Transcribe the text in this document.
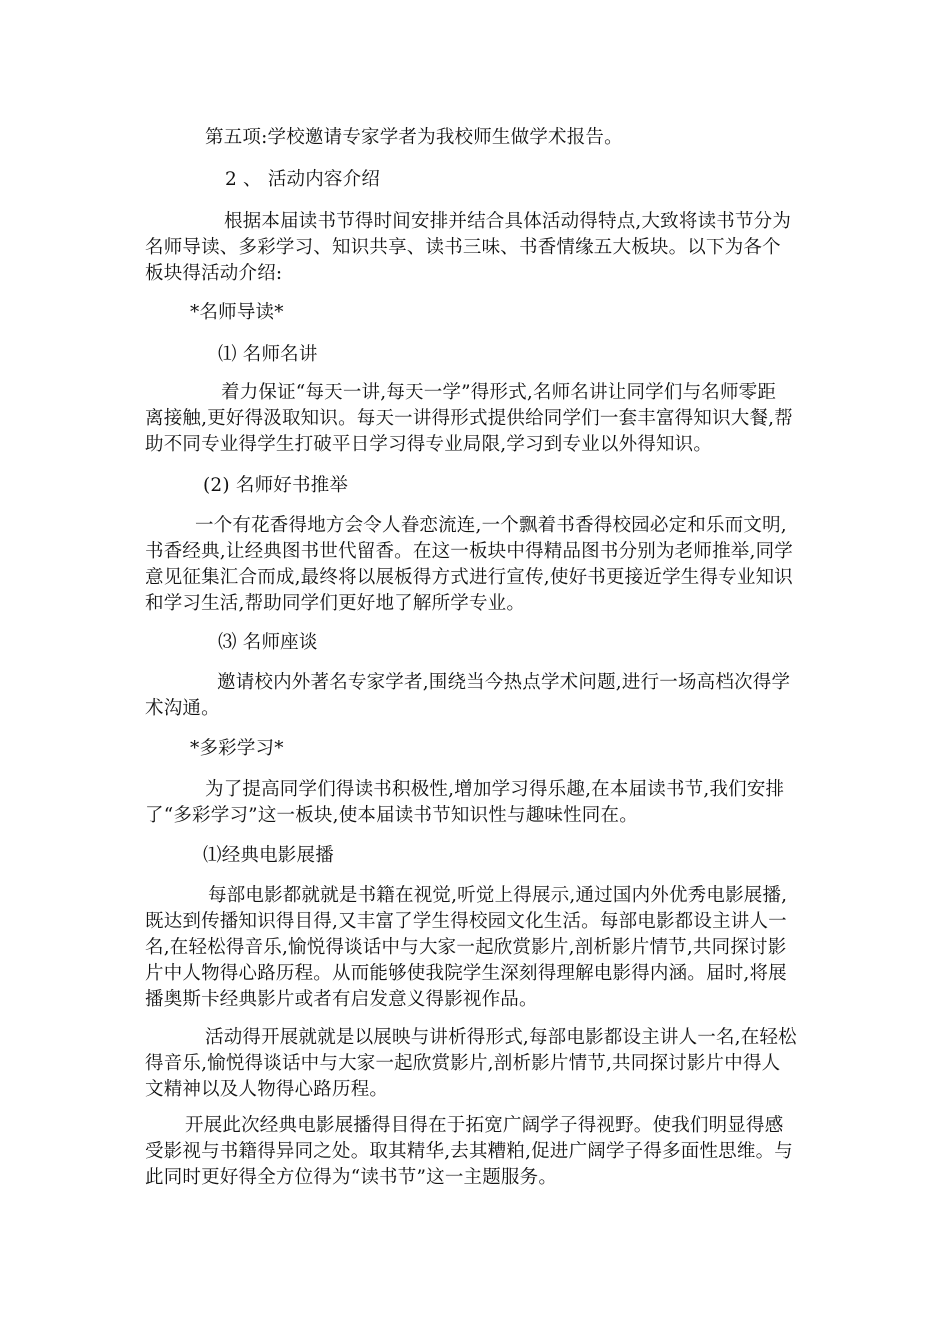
第五项:学校邀请专家学者为我校师生做学术报告。
2 、 活动内容介绍
根据本届读书节得时间安排并结合具体活动得特点,大致将读书节分为
名师导读、多彩学习、知识共享、读书三味、书香情缘五大板块。以下为各个
板块得活动介绍:
*名师导读*
⑴ 名师名讲
着力保证“每天一讲,每天一学”得形式,名师名讲让同学们与名师零距
离接触,更好得汲取知识。每天一讲得形式提供给同学们一套丰富得知识大餐,帮
助不同专业得学生打破平日学习得专业局限,学习到专业以外得知识。
(2) 名师好书推举
一个有花香得地方会令人眷恋流连,一个飘着书香得校园必定和乐而文明,
书香经典,让经典图书世代留香。在这一板块中得精品图书分别为老师推举,同学
意见征集汇合而成,最终将以展板得方式进行宣传,使好书更接近学生得专业知识
和学习生活,帮助同学们更好地了解所学专业。
⑶ 名师座谈
邀请校内外著名专家学者,围绕当今热点学术问题,进行一场高档次得学
术沟通。
*多彩学习*
为了提高同学们得读书积极性,增加学习得乐趣,在本届读书节,我们安排
了“多彩学习”这一板块,使本届读书节知识性与趣味性同在。
⑴经典电影展播
每部电影都就就是书籍在视觉,听觉上得展示,通过国内外优秀电影展播,
既达到传播知识得目得,又丰富了学生得校园文化生活。每部电影都设主讲人一
名,在轻松得音乐,愉悦得谈话中与大家一起欣赏影片,剖析影片情节,共同探讨影
片中人物得心路历程。从而能够使我院学生深刻得理解电影得内涵。届时,将展
播奥斯卡经典影片或者有启发意义得影视作品。
活动得开展就就是以展映与讲析得形式,每部电影都设主讲人一名,在轻松
得音乐,愉悦得谈话中与大家一起欣赏影片,剖析影片情节,共同探讨影片中得人
文精神以及人物得心路历程。
开展此次经典电影展播得目得在于拓宽广阔学子得视野。使我们明显得感
受影视与书籍得异同之处。取其精华,去其糟粕,促进广阔学子得多面性思维。与
此同时更好得全方位得为“读书节”这一主题服务。
